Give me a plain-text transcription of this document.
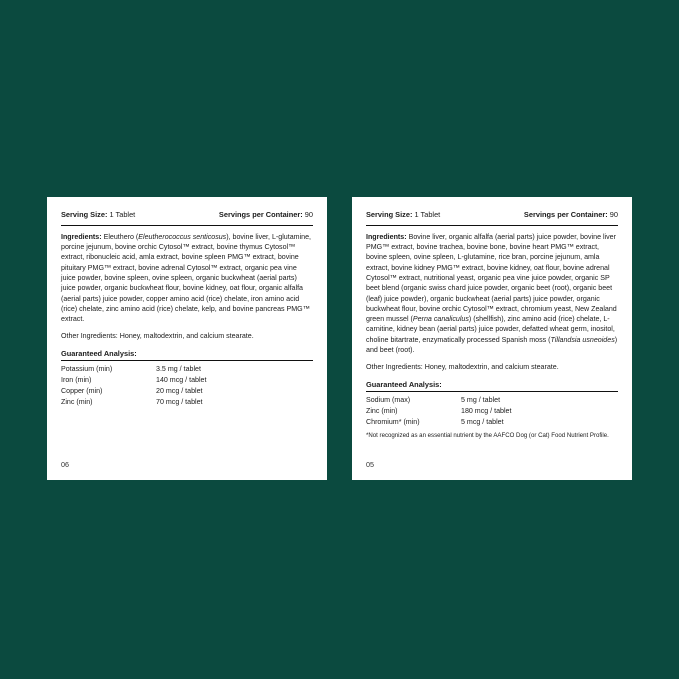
Serving Size: 1 Tablet	Servings per Container: 90

Ingredients: Eleuthero (Eleutherococcus senticosus), bovine liver, L-glutamine, porcine jejunum, bovine orchic Cytosol™ extract, bovine thymus Cytosol™ extract, ribonucleic acid, amla extract, bovine spleen PMG™ extract, bovine pituitary PMG™ extract, bovine adrenal Cytosol™ extract, organic pea vine juice powder, bovine spleen, ovine spleen, organic buckwheat (aerial parts) juice powder, organic buckwheat flour, bovine kidney, oat flour, organic alfalfa (aerial parts) juice powder, copper amino acid (rice) chelate, iron amino acid (rice) chelate, zinc amino acid (rice) chelate, kelp, and bovine pancreas PMG™ extract.

Other Ingredients: Honey, maltodextrin, and calcium stearate.

Guaranteed Analysis:
Potassium (min)	3.5 mg / tablet
Iron (min)	140 mcg / tablet
Copper (min)	20 mcg / tablet
Zinc (min)	70 mcg / tablet
06
Serving Size: 1 Tablet	Servings per Container: 90

Ingredients: Bovine liver, organic alfalfa (aerial parts) juice powder, bovine liver PMG™ extract, bovine trachea, bovine bone, bovine heart PMG™ extract, bovine spleen, ovine spleen, L-glutamine, rice bran, porcine jejunum, amla extract, bovine kidney PMG™ extract, bovine kidney, oat flour, bovine adrenal Cytosol™ extract, nutritional yeast, organic pea vine juice powder, organic SP beet blend (organic swiss chard juice powder, organic beet (root), organic beet (leaf) juice powder), organic buckwheat (aerial parts) juice powder, organic buckwheat flour, bovine orchic Cytosol™ extract, chromium yeast, New Zealand green mussel (Perna canaliculus) (shellfish), zinc amino acid (rice) chelate, L-carnitine, kidney bean (aerial parts) juice powder, defatted wheat germ, inositol, choline bitartrate, enzymatically processed Spanish moss (Tillandsia usneoides) and beet (root).

Other Ingredients: Honey, maltodextrin, and calcium stearate.

Guaranteed Analysis:
Sodium (max)	5 mg / tablet
Zinc (min)	180 mcg / tablet
Chromium* (min)	5 mcg / tablet
*Not recognized as an essential nutrient by the AAFCO Dog (or Cat) Food Nutrient Profile.
05
